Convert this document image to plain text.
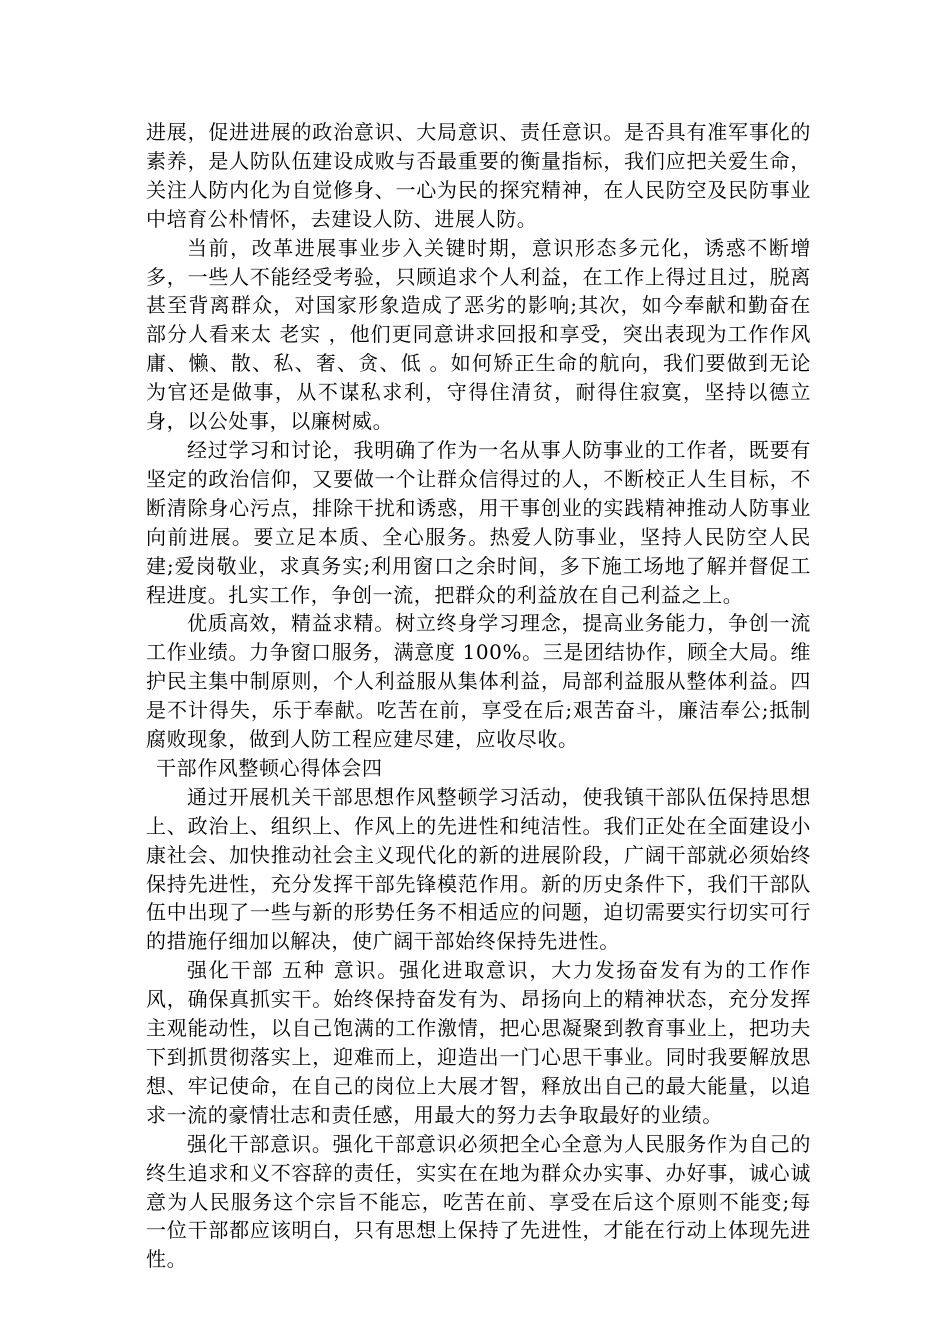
进展，促进进展的政治意识、大局意识、责任意识。是否具有准军事化的素养，是人防队伍建设成败与否最重要的衡量指标，我们应把关爱生命，关注人防内化为自觉修身、一心为民的探究精神，在人民防空及民防事业中培育公朴情怀，去建设人防、进展人防。

当前，改革进展事业步入关键时期，意识形态多元化，诱惑不断增多，一些人不能经受考验，只顾追求个人利益，在工作上得过且过，脱离甚至背离群众，对国家形象造成了恶劣的影响;其次，如今奉献和勤奋在部分人看来太 老实 ，他们更同意讲求回报和享受，突出表现为工作作风 庸、懒、散、私、奢、贪、低 。如何矫正生命的航向，我们要做到无论为官还是做事，从不谋私求利，守得住清贫，耐得住寂寞，坚持以德立身，以公处事，以廉树威。

经过学习和讨论，我明确了作为一名从事人防事业的工作者，既要有坚定的政治信仰，又要做一个让群众信得过的人，不断校正人生目标，不断清除身心污点，排除干扰和诱惑，用干事创业的实践精神推动人防事业向前进展。要立足本质、全心服务。热爱人防事业，坚持人民防空人民建;爱岗敬业，求真务实;利用窗口之余时间，多下施工场地了解并督促工程进度。扎实工作，争创一流，把群众的利益放在自己利益之上。

优质高效，精益求精。树立终身学习理念，提高业务能力，争创一流工作业绩。力争窗口服务，满意度 100%。三是团结协作，顾全大局。维护民主集中制原则，个人利益服从集体利益，局部利益服从整体利益。四是不计得失，乐于奉献。吃苦在前，享受在后;艰苦奋斗，廉洁奉公;抵制腐败现象，做到人防工程应建尽建，应收尽收。

干部作风整顿心得体会四

通过开展机关干部思想作风整顿学习活动，使我镇干部队伍保持思想上、政治上、组织上、作风上的先进性和纯洁性。我们正处在全面建设小康社会、加快推动社会主义现代化的新的进展阶段，广阔干部就必须始终保持先进性，充分发挥干部先锋模范作用。新的历史条件下，我们干部队伍中出现了一些与新的形势任务不相适应的问题，迫切需要实行切实可行的措施仔细加以解决，使广阔干部始终保持先进性。

强化干部 五种 意识。强化进取意识，大力发扬奋发有为的工作作风，确保真抓实干。始终保持奋发有为、昂扬向上的精神状态，充分发挥主观能动性，以自己饱满的工作激情，把心思凝聚到教育事业上，把功夫下到抓贯彻落实上，迎难而上，迎造出一门心思干事业。同时我要解放思想、牢记使命，在自己的岗位上大展才智，释放出自己的最大能量，以追求一流的豪情壮志和责任感，用最大的努力去争取最好的业绩。

强化干部意识。强化干部意识必须把全心全意为人民服务作为自己的终生追求和义不容辞的责任，实实在在地为群众办实事、办好事，诚心诚意为人民服务这个宗旨不能忘，吃苦在前、享受在后这个原则不能变;每一位干部都应该明白，只有思想上保持了先进性，才能在行动上体现先进性。
